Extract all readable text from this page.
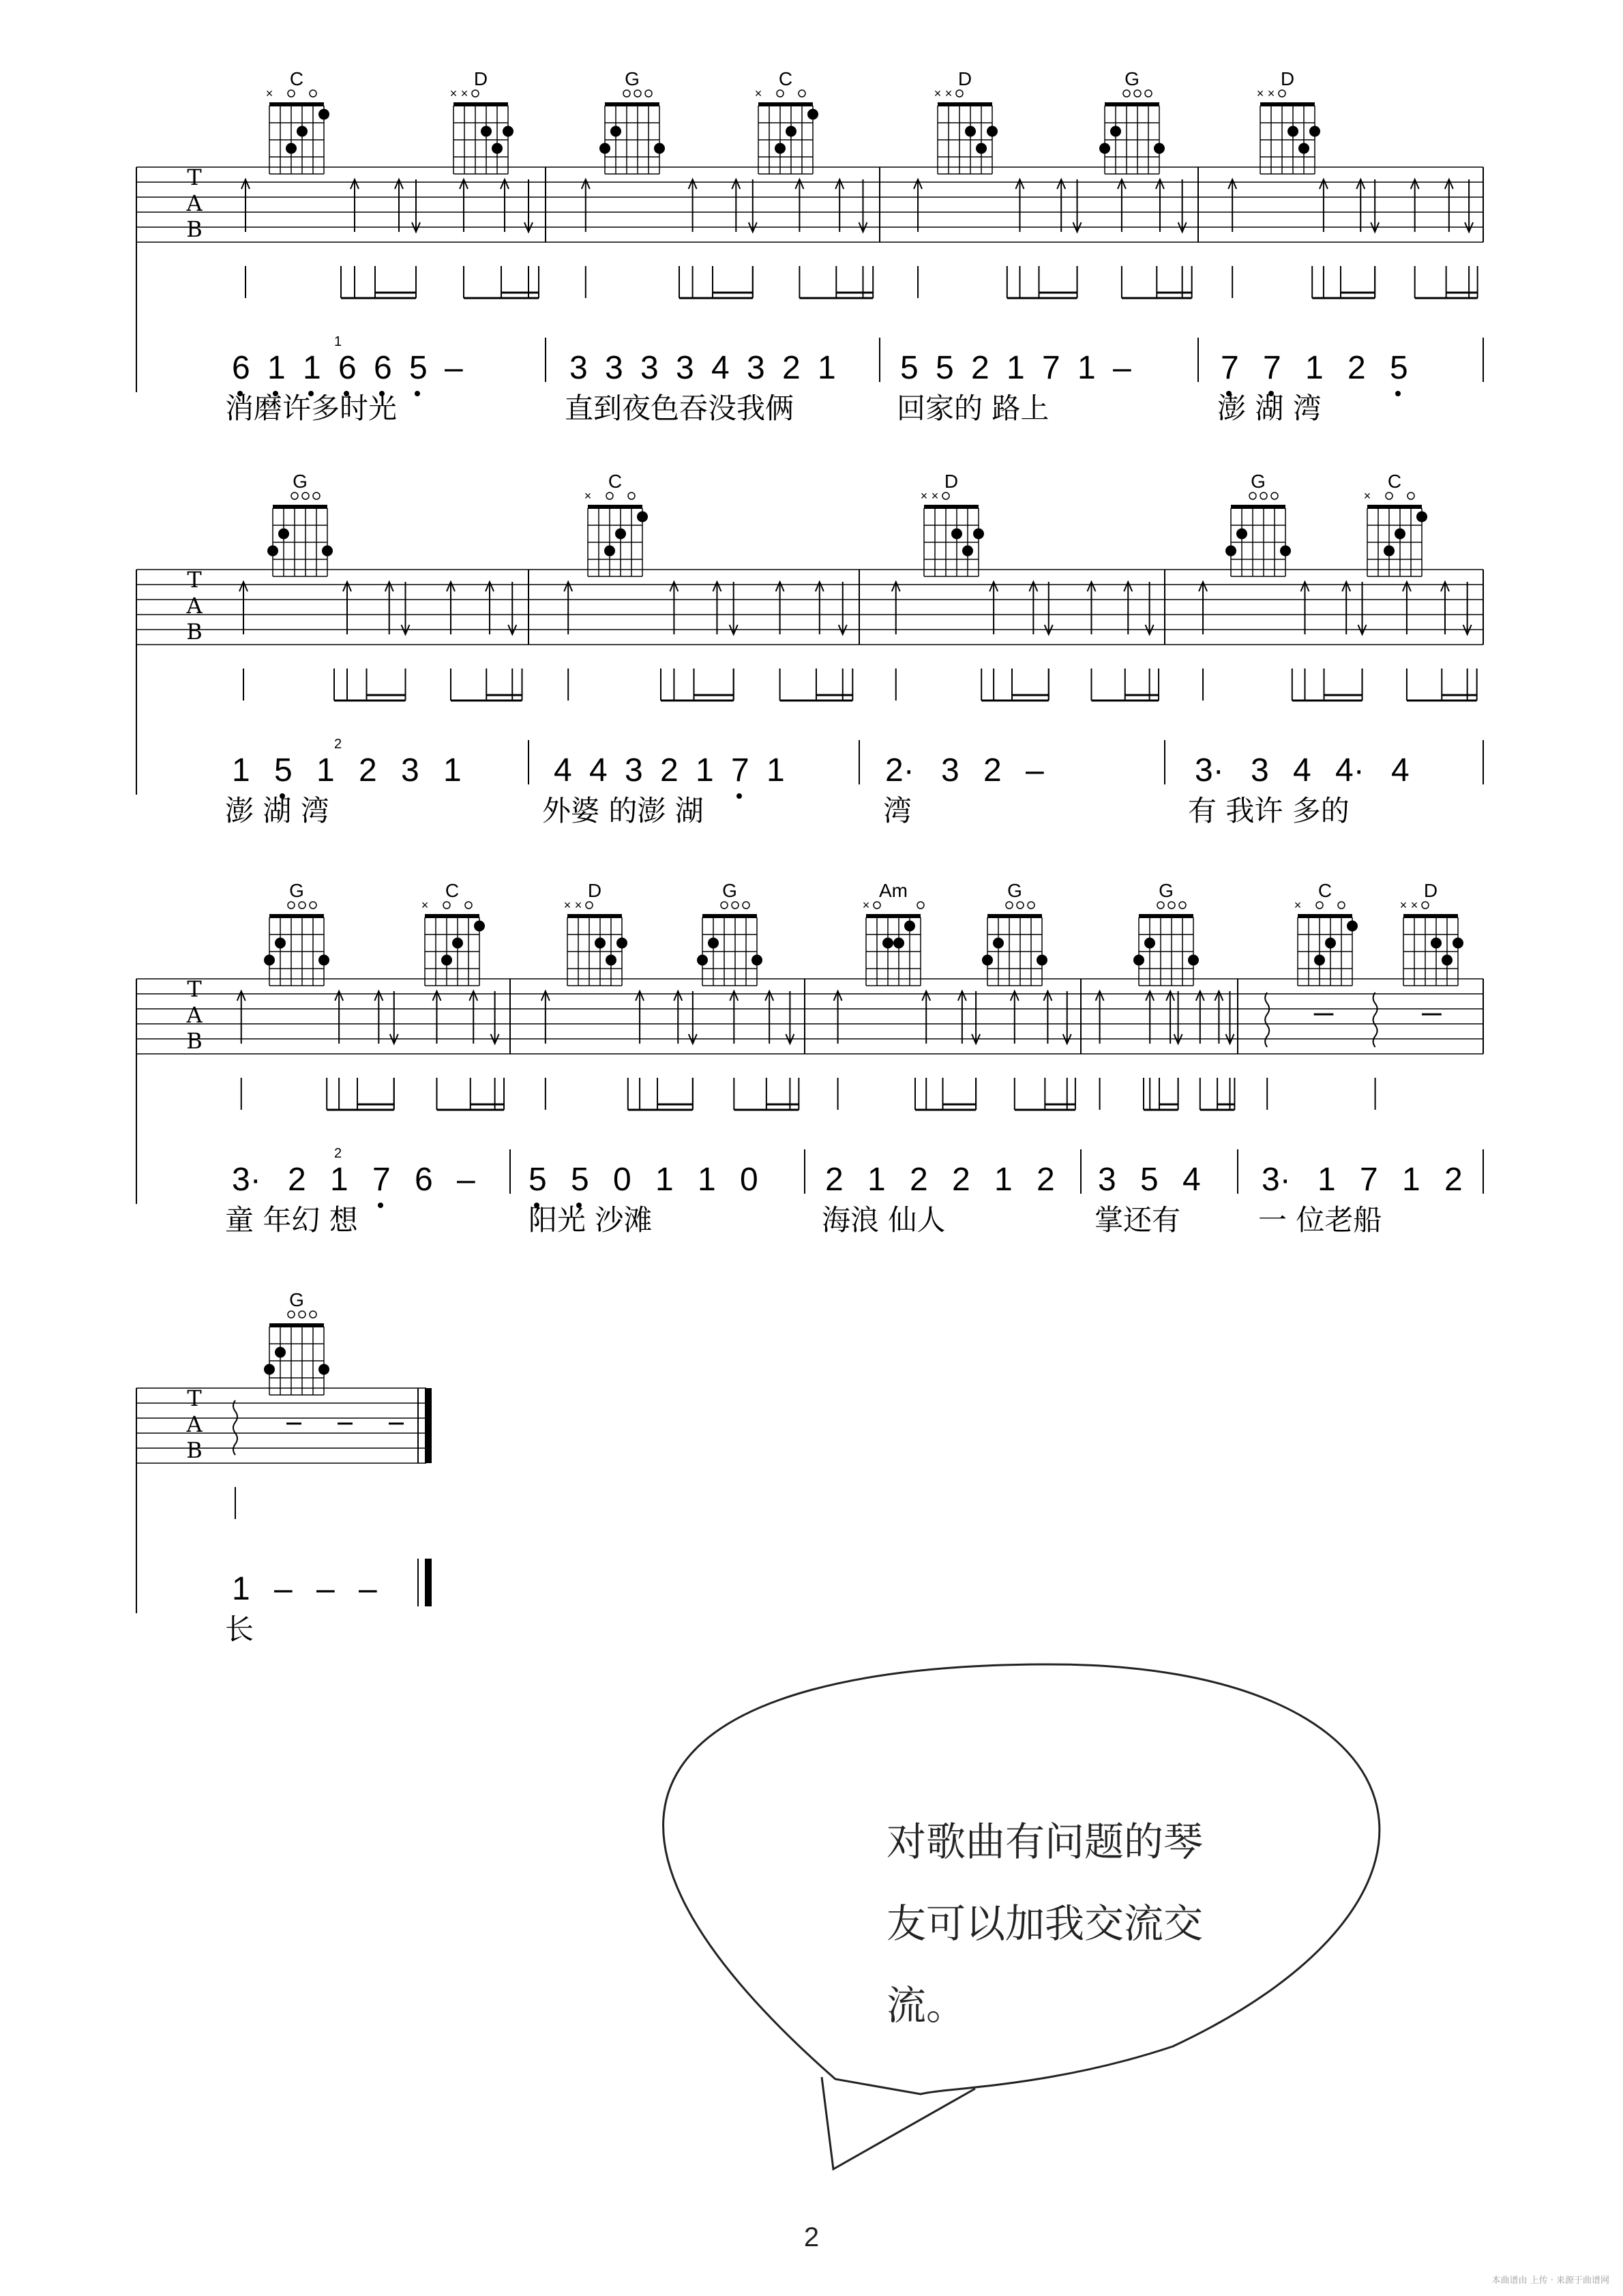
T
A
B
6 1 1 6 6 5 –
1
3 3 3 3 4 3 2 1 5 5 2 1 7 1 –	7 7 1 2 5
消磨许多时光	直到夜色吞没我俩	回家的 路上	澎 湖 湾
C
×
D
× ×
G	C
×
D
× ×
G	D
× ×
T
A
B
1 5 1 2 3 1
2
4 4 3 2 1 7 1	2· 3 2 –	3· 3 4 4· 4
澎 湖 湾	外婆 的澎 湖	湾	有 我许 多的
G	C
×
D
× ×
G	C
×
T
A
B
3· 2 1 7 6 –
2
5 5 0 1 1 0 2 1 2 2 1 2 3 5 4 3· 1 7 1 2
童 年幻 想	阳光 沙滩	海浪 仙人	掌还有	一 位老船
G	C
×
D
× ×
G	Am
×
G	G	C
×
D
× ×
T
A
B
1 – – –
长
G
对歌曲有问题的琴
友可以加我交流交
流。
2
本曲谱由 上传 · 来源于曲谱网
